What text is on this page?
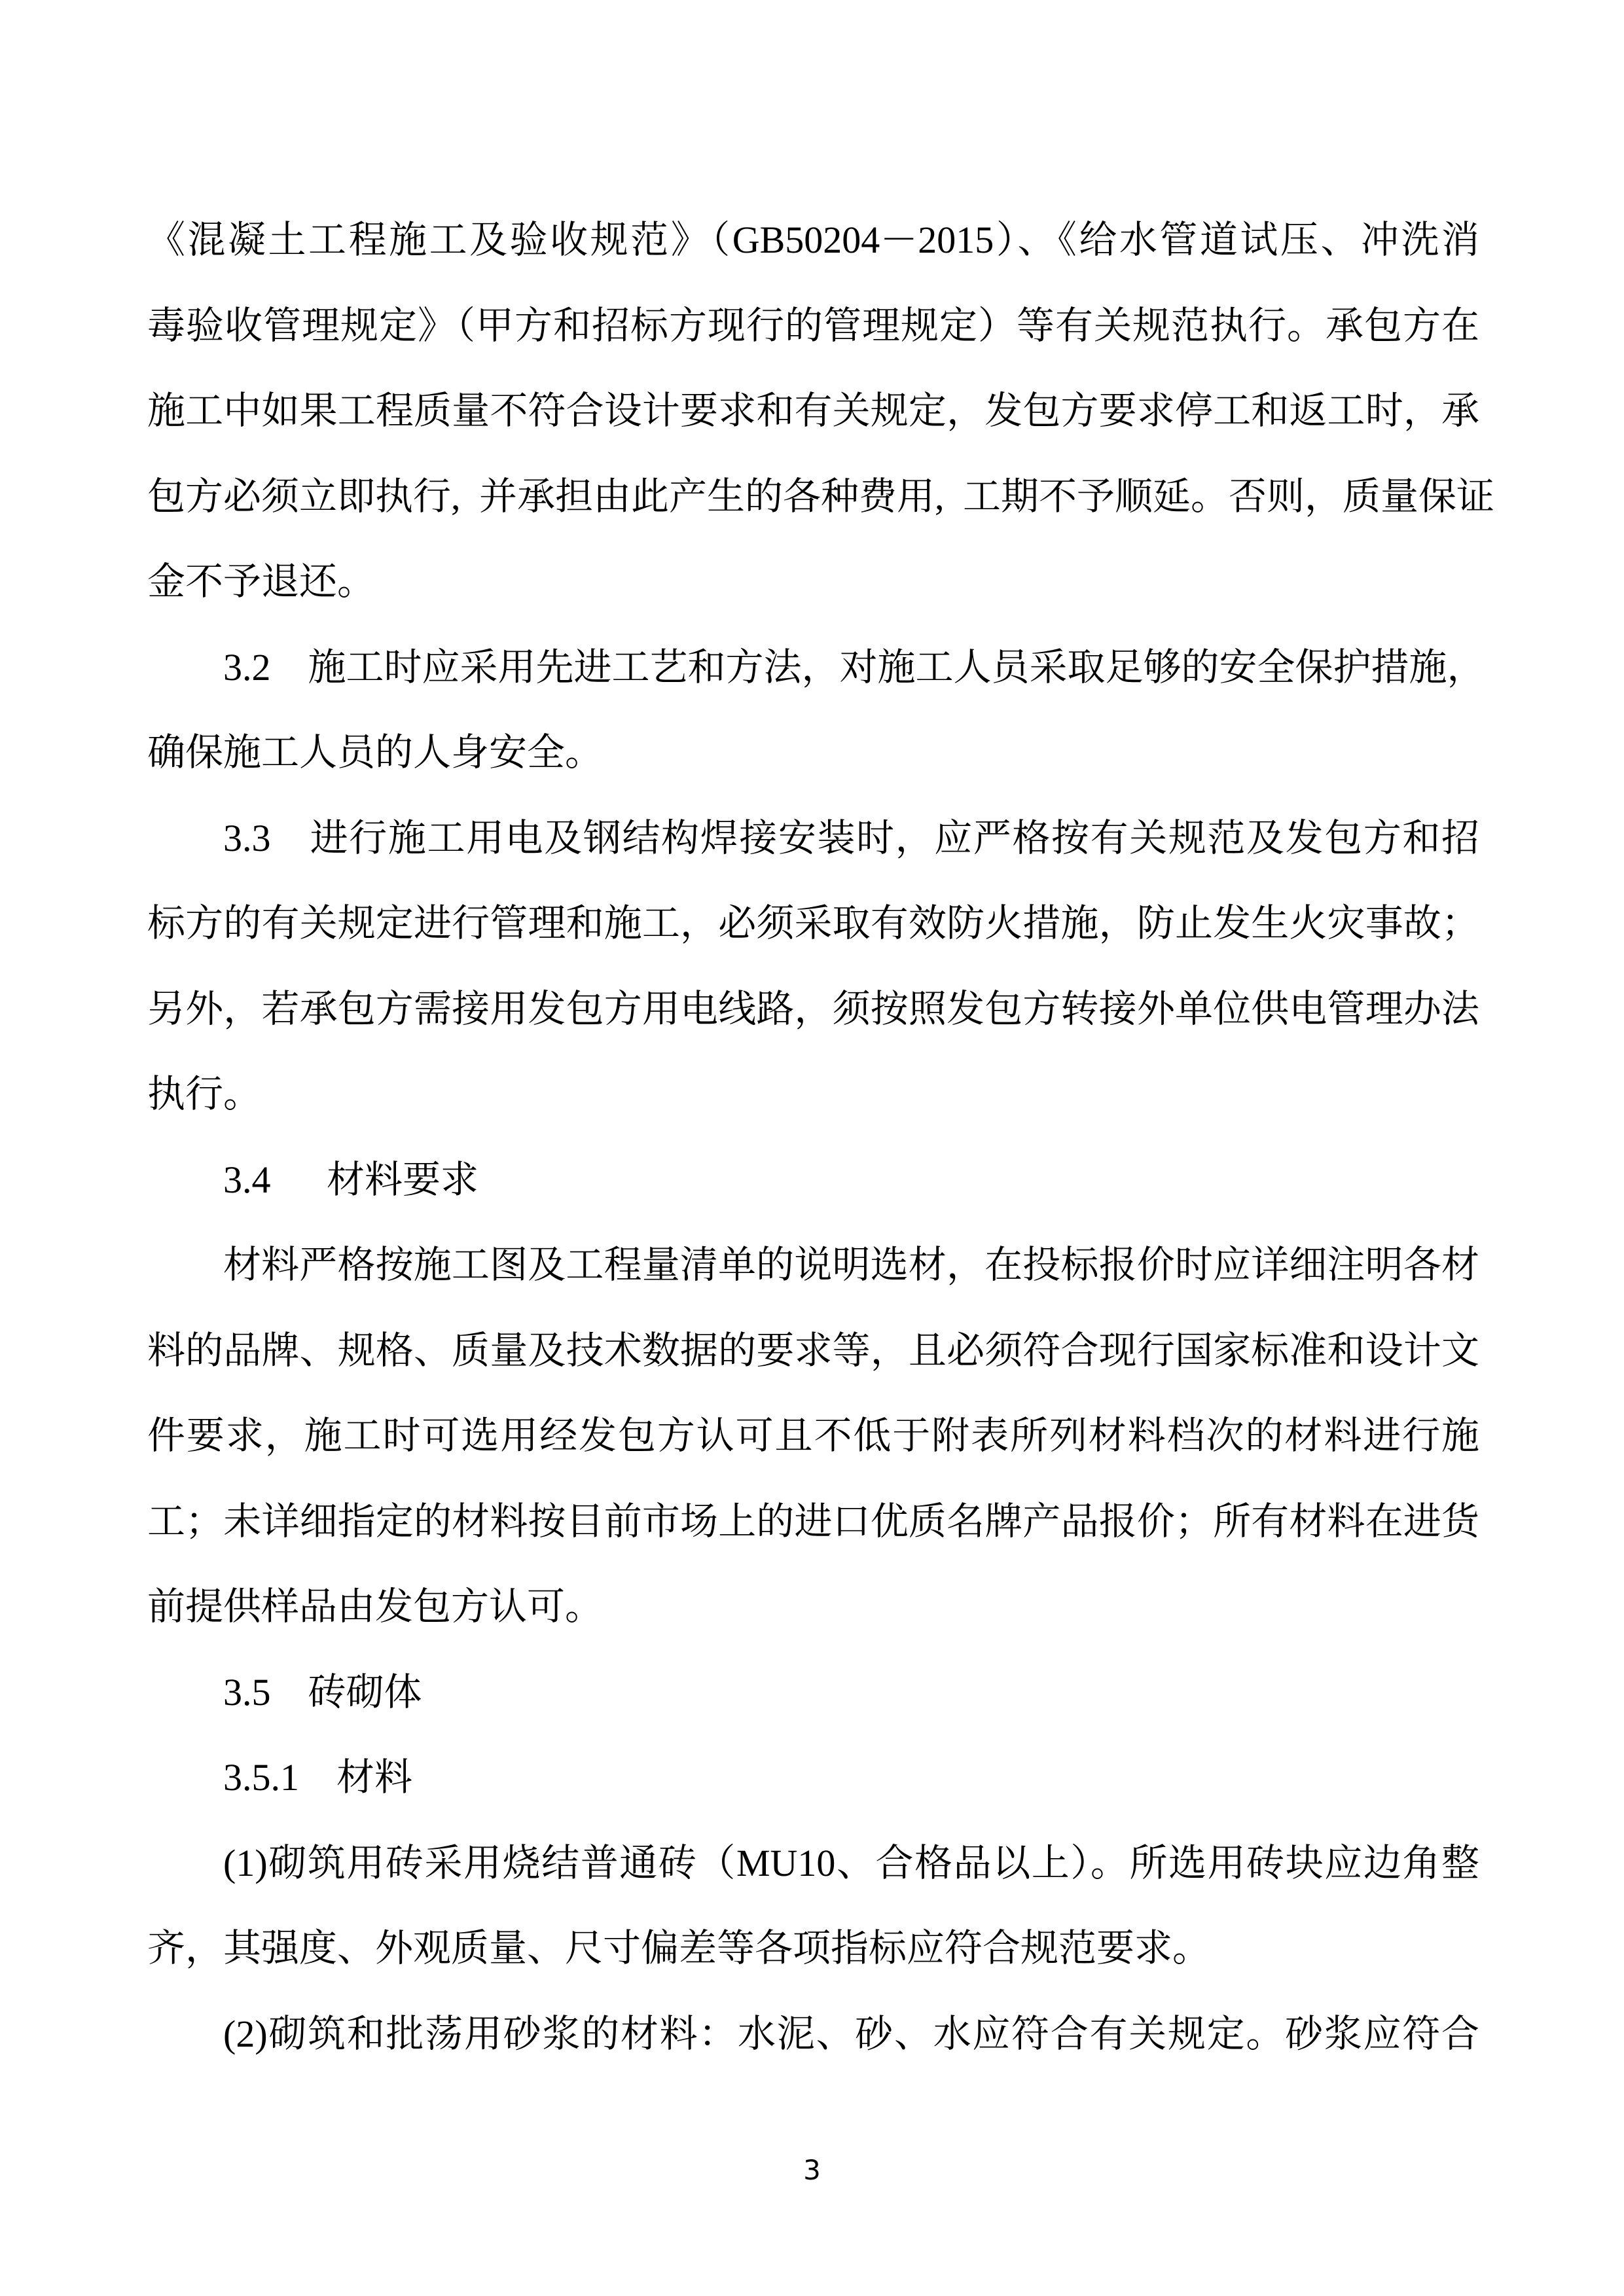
《混凝土工程施工及验收规范》（GB50204－2015）、《给水管道试压、冲洗消
毒验收管理规定》（甲方和招标方现行的管理规定）等有关规范执行。承包方在
施工中如果工程质量不符合设计要求和有关规定，发包方要求停工和返工时，承
包方必须立即执行, 并承担由此产生的各种费用, 工期不予顺延。否则，质量保证
金不予退还。
3.2  施工时应采用先进工艺和方法，对施工人员采取足够的安全保护措施，
确保施工人员的人身安全。
3.3  进行施工用电及钢结构焊接安装时，应严格按有关规范及发包方和招
标方的有关规定进行管理和施工，必须采取有效防火措施，防止发生火灾事故；
另外，若承包方需接用发包方用电线路，须按照发包方转接外单位供电管理办法
执行。
3.4   材料要求
材料严格按施工图及工程量清单的说明选材，在投标报价时应详细注明各材
料的品牌、规格、质量及技术数据的要求等，且必须符合现行国家标准和设计文
件要求，施工时可选用经发包方认可且不低于附表所列材料档次的材料进行施
工；未详细指定的材料按目前市场上的进口优质名牌产品报价；所有材料在进货
前提供样品由发包方认可。
3.5  砖砌体
3.5.1  材料
(1)砌筑用砖采用烧结普通砖（MU10、合格品以上）。所选用砖块应边角整
齐，其强度、外观质量、尺寸偏差等各项指标应符合规范要求。
(2)砌筑和批荡用砂浆的材料：水泥、砂、水应符合有关规定。砂浆应符合
3
